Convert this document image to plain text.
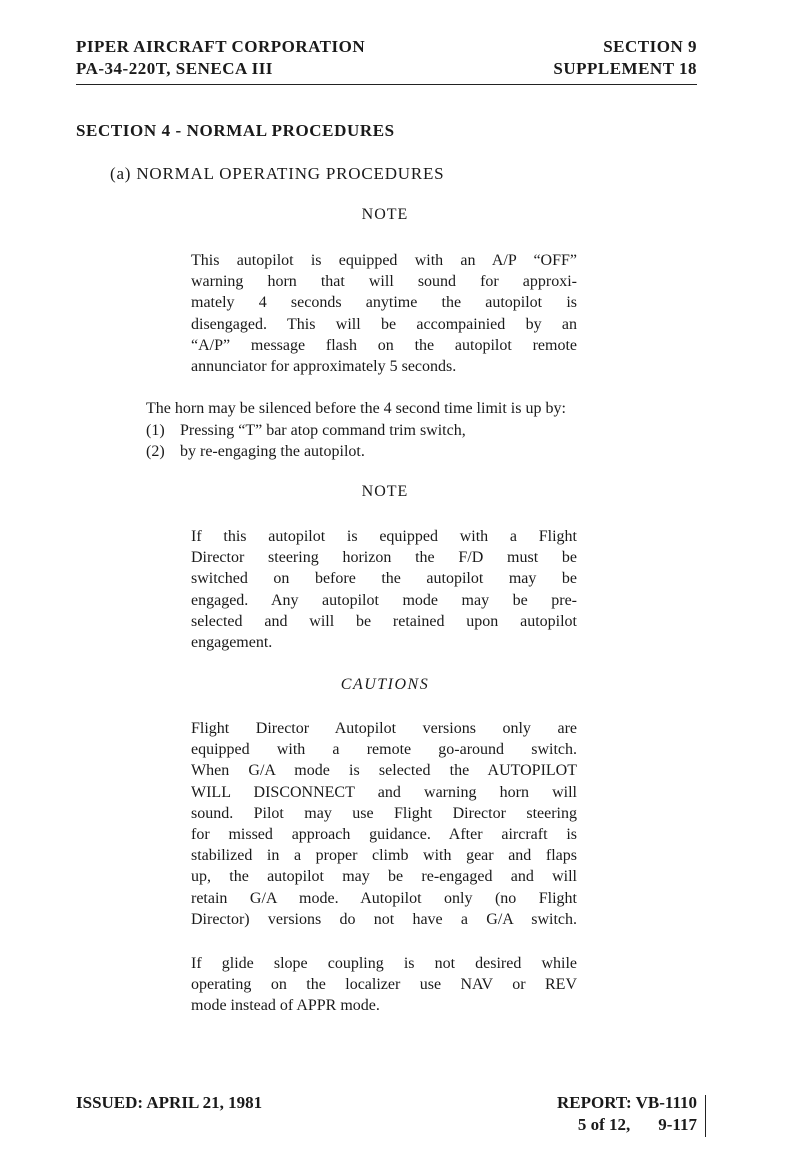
PIPER AIRCRAFT CORPORATION
PA-34-220T, SENECA III
SECTION 9
SUPPLEMENT 18
SECTION 4 - NORMAL PROCEDURES
(a) NORMAL OPERATING PROCEDURES
NOTE
This autopilot is equipped with an A/P “OFF”
warning horn that will sound for approxi-
mately 4 seconds anytime the autopilot is
disengaged. This will be accompainied by an
“A/P” message flash on the autopilot remote
annunciator for approximately 5 seconds.
The horn may be silenced before the 4 second time limit is up by:
(1) Pressing “T” bar atop command trim switch,
(2) by re-engaging the autopilot.
NOTE
If this autopilot is equipped with a Flight
Director steering horizon the F/D must be
switched on before the autopilot may be
engaged. Any autopilot mode may be pre-
selected and will be retained upon autopilot
engagement.
CAUTIONS
Flight Director Autopilot versions only are
equipped with a remote go-around switch.
When G/A mode is selected the AUTOPILOT
WILL DISCONNECT and warning horn will
sound. Pilot may use Flight Director steering
for missed approach guidance. After aircraft is
stabilized in a proper climb with gear and flaps
up, the autopilot may be re-engaged and will
retain G/A mode. Autopilot only (no Flight
Director) versions do not have a G/A switch.
If glide slope coupling is not desired while
operating on the localizer use NAV or REV
mode instead of APPR mode.
ISSUED: APRIL 21, 1981	REPORT: VB-1110
5 of 12, 9-117
